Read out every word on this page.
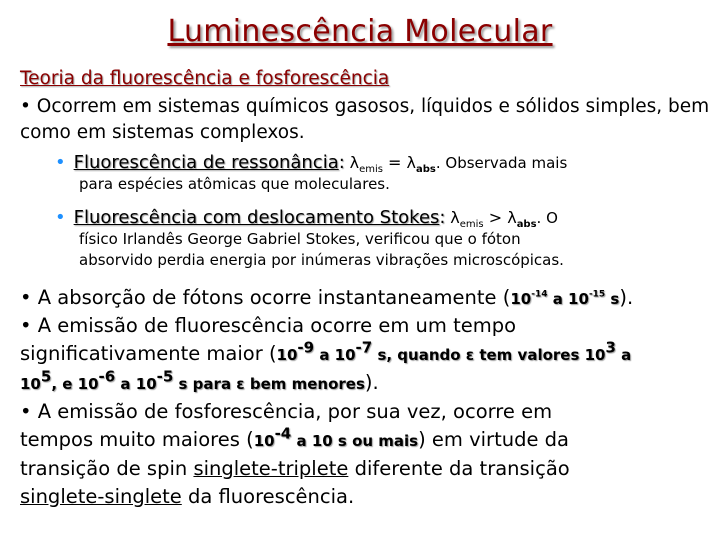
Luminescência Molecular
Teoria da fluorescência e fosforescência
• Ocorrem em sistemas químicos gasosos, líquidos e sólidos simples, bem como em sistemas complexos.
• Fluorescência de ressonância: $\lambda_{emis} = \lambda_{abs}$. Observada mais
para espécies atômicas que moleculares.
• Fluorescência com deslocamento Stokes: $\lambda_{emis} > \lambda_{abs}$. O
físico Irlandês George Gabriel Stokes, verificou que o fóton
absorvido perdia energia por inúmeras vibrações microscópicas.
• A absorção de fótons ocorre instantaneamente ($10^{-14}$ a $10^{-15}$ s).
• A emissão de fluorescência ocorre em um tempo
significativamente maior ($10^{-9}$ a $10^{-7}$ s, quando ε tem valores $10^3$ a
$10^5$, e $10^{-6}$ a $10^{-5}$ s para ε bem menores).
• A emissão de fosforescência, por sua vez, ocorre em
tempos muito maiores ($10^{-4}$ a 10 s ou mais) em virtude da
transição de spin singlete-triplete diferente da transição
singlete-singlete da fluorescência.
